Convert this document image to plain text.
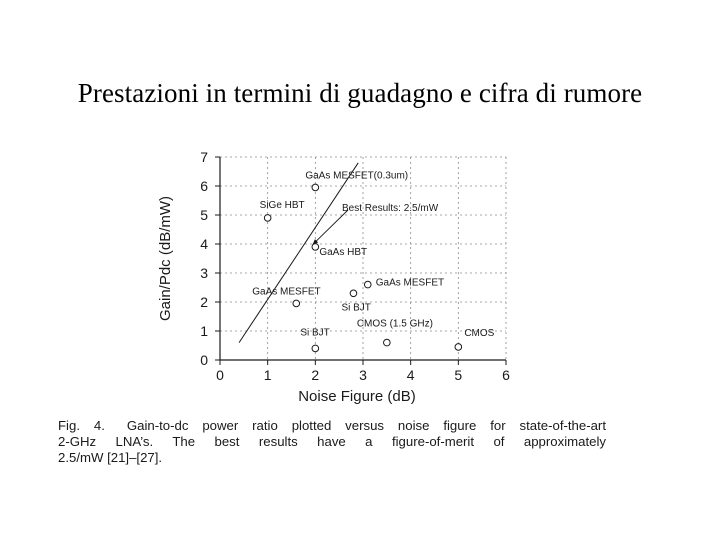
Prestazioni in termini di guadagno e cifra di rumore
GaAs MESFET(0.3um)
SiGe HBT
GaAs HBT
GaAs MESFET
GaAs MESFET
Si BJT
Si BJT
CMOS (1.5 GHz)
CMOS
0
1
2
3
4
5
6
7
0	1	2	3	4	5	6
Noise Figure (dB)
Gain/Pdc (dB/mW)	Best Results: 2.5/mW
Fig. 4. Gain-to-dc power ratio plotted versus noise figure for state-of-the-art
2-GHz LNA’s. The best results have a figure-of-merit of approximately
2.5/mW [21]–[27].
